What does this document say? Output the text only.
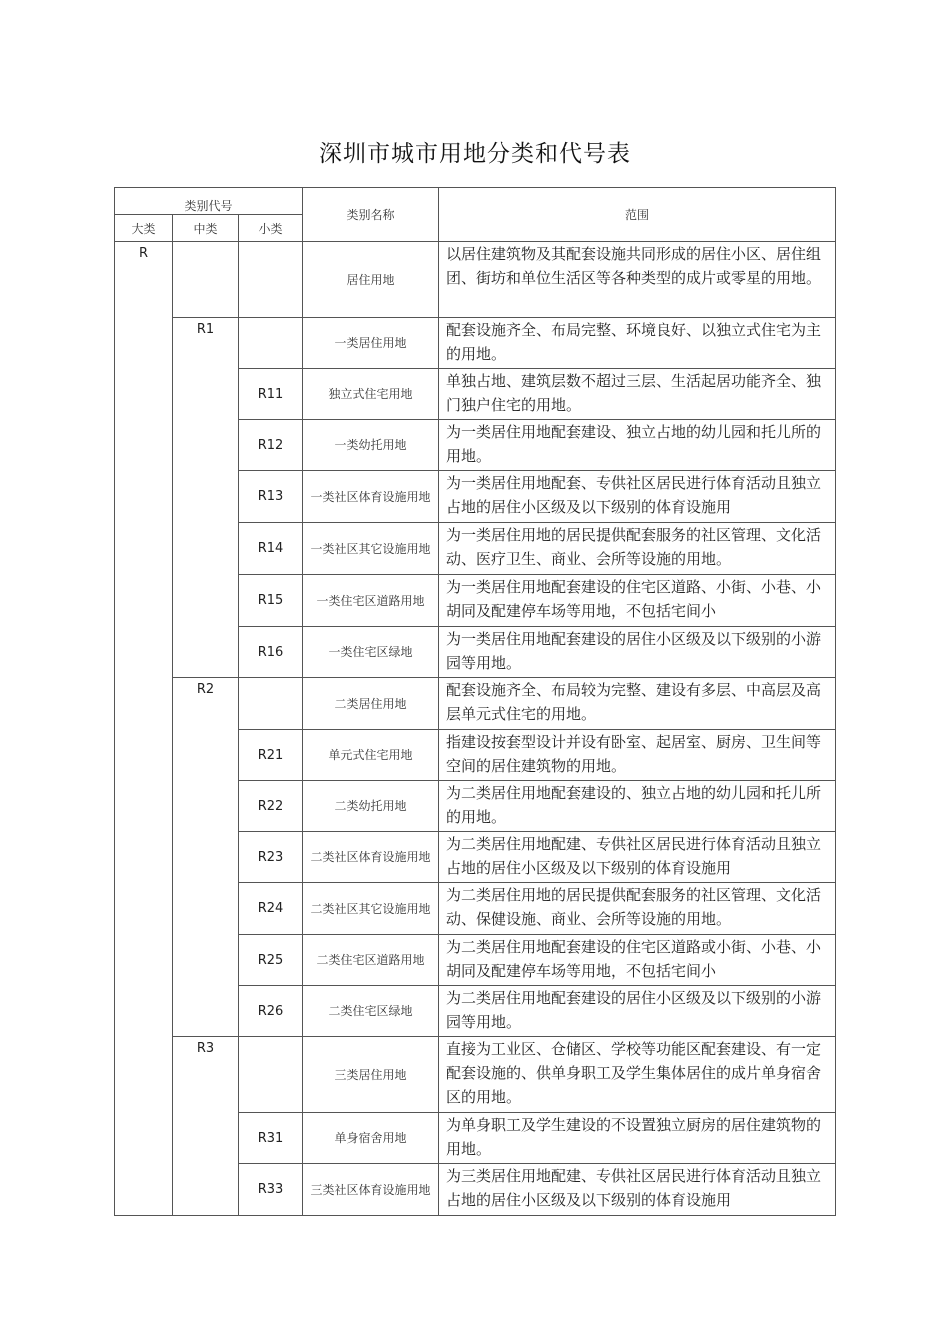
深圳市城市用地分类和代号表
类别代号			类别名称	范围
大类	中类	小类		
R			居住用地	以居住建筑物及其配套设施共同形成的居住小区、居住组团、街坊和单位生活区等各种类型的成片或零星的用地。

	R1		一类居住用地	配套设施齐全、布局完整、环境良好、以独立式住宅为主的用地。

		R11	独立式住宅用地	单独占地、建筑层数不超过三层、生活起居功能齐全、独门独户住宅的用地。

		R12	一类幼托用地	为一类居住用地配套建设、独立占地的幼儿园和托儿所的用地。

		R13	一类社区体育设施用地	为一类居住用地配套、专供社区居民进行体育活动且独立占地的居住小区级及以下级别的体育设施用

		R14	一类社区其它设施用地	为一类居住用地的居民提供配套服务的社区管理、文化活动、医疗卫生、商业、会所等设施的用地。

		R15	一类住宅区道路用地	为一类居住用地配套建设的住宅区道路、小街、小巷、小胡同及配建停车场等用地，不包括宅间小

		R16	一类住宅区绿地	为一类居住用地配套建设的居住小区级及以下级别的小游园等用地。

	R2		二类居住用地	配套设施齐全、布局较为完整、建设有多层、中高层及高层单元式住宅的用地。

		R21	单元式住宅用地	指建设按套型设计并设有卧室、起居室、厨房、卫生间等空间的居住建筑物的用地。

		R22	二类幼托用地	为二类居住用地配套建设的、独立占地的幼儿园和托儿所的用地。

		R23	二类社区体育设施用地	为二类居住用地配建、专供社区居民进行体育活动且独立占地的居住小区级及以下级别的体育设施用

		R24	二类社区其它设施用地	为二类居住用地的居民提供配套服务的社区管理、文化活动、保健设施、商业、会所等设施的用地。

		R25	二类住宅区道路用地	为二类居住用地配套建设的住宅区道路或小街、小巷、小胡同及配建停车场等用地，不包括宅间小

		R26	二类住宅区绿地	为二类居住用地配套建设的居住小区级及以下级别的小游园等用地。

	R3		三类居住用地	直接为工业区、仓储区、学校等功能区配套建设、有一定配套设施的、供单身职工及学生集体居住的成片单身宿舍区的用地。

		R31	单身宿舍用地	为单身职工及学生建设的不设置独立厨房的居住建筑物的用地。

		R33	三类社区体育设施用地	为三类居住用地配建、专供社区居民进行体育活动且独立占地的居住小区级及以下级别的体育设施用
